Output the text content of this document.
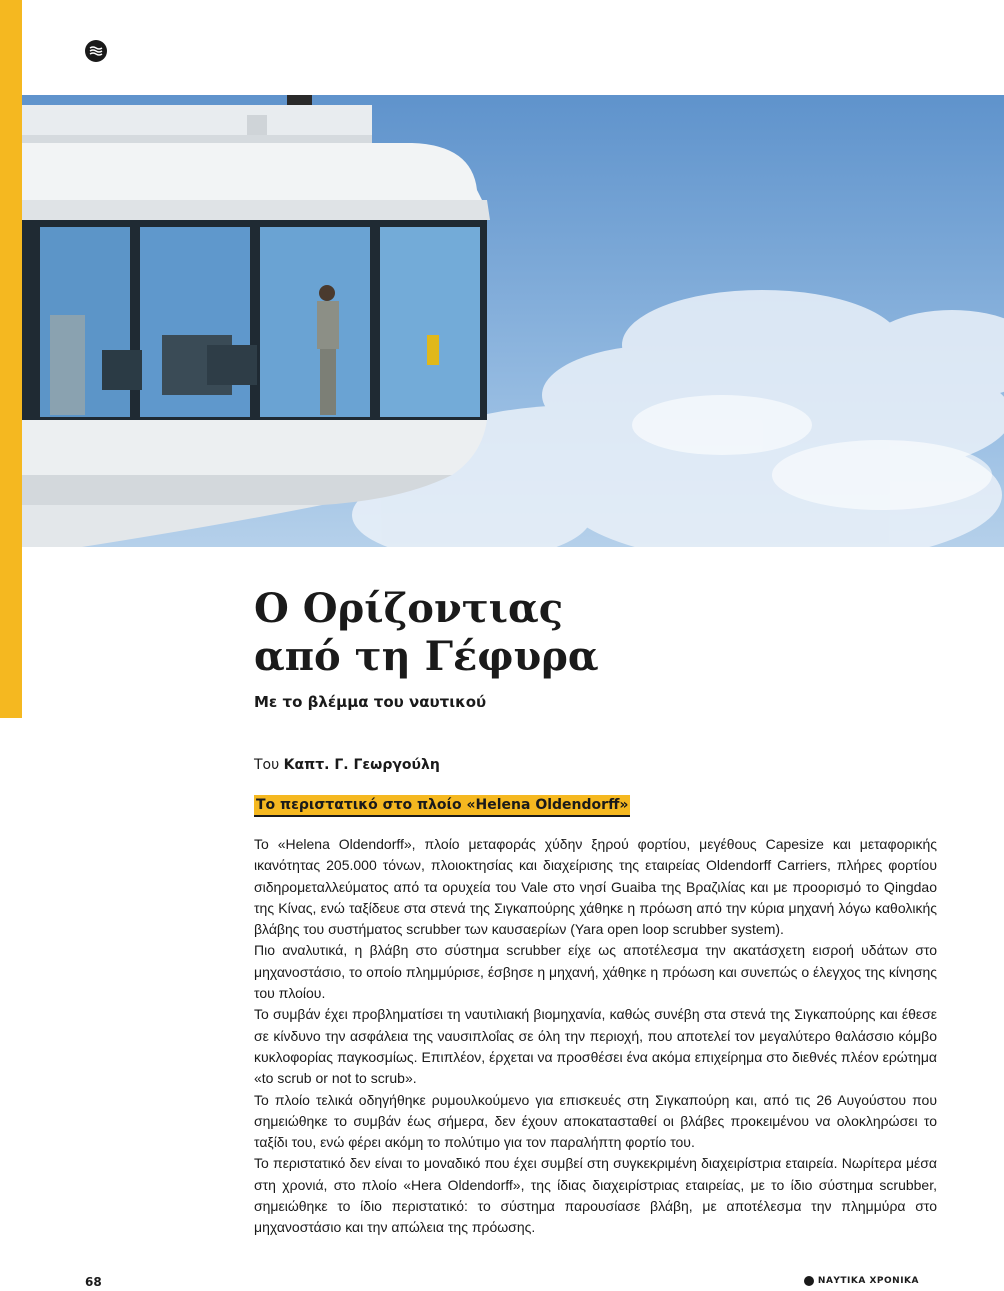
Ο Ορίζοντιας
από τη Γέφυρα
Με το βλέμμα του ναυτικού
Του Καπτ. Γ. Γεωργούλη
Το περιστατικό στο πλοίο «Helena Oldendorff»

Το «Helena Oldendorff», πλοίο μεταφοράς χύδην ξηρού φορτίου, μεγέθους Capesize και μεταφορικής ικανότητας 205.000 τόνων, πλοιοκτησίας και διαχείρισης της εταιρείας Oldendorff Carriers, πλήρες φορτίου σιδηρομεταλλεύματος από τα ορυχεία του Vale στο νησί Guaiba της Βραζιλίας και με προορισμό το Qingdao της Κίνας, ενώ ταξίδευε στα στενά της Σιγκαπούρης χάθηκε η πρόωση από την κύρια μηχανή λόγω καθολικής βλάβης του συστήματος scrubber των καυσαερίων (Yara open loop scrubber system).

Πιο αναλυτικά, η βλάβη στο σύστημα scrubber είχε ως αποτέλεσμα την ακατάσχετη εισροή υδάτων στο μηχανοστάσιο, το οποίο πλημμύρισε, έσβησε η μηχανή, χάθηκε η πρόωση και συνεπώς ο έλεγχος της κίνησης του πλοίου.

Το συμβάν έχει προβληματίσει τη ναυτιλιακή βιομηχανία, καθώς συνέβη στα στενά της Σιγκαπούρης και έθεσε σε κίνδυνο την ασφάλεια της ναυσιπλοΐας σε όλη την περιοχή, που αποτελεί τον μεγαλύτερο θαλάσσιο κόμβο κυκλοφορίας παγκοσμίως. Επιπλέον, έρχεται να προσθέσει ένα ακόμα επιχείρημα στο διεθνές πλέον ερώτημα «to scrub or not to scrub».

Το πλοίο τελικά οδηγήθηκε ρυμουλκούμενο για επισκευές στη Σιγκαπούρη και, από τις 26 Αυγούστου που σημειώθηκε το συμβάν έως σήμερα, δεν έχουν αποκατασταθεί οι βλάβες προκειμένου να ολοκληρώσει το ταξίδι του, ενώ φέρει ακόμη το πολύτιμο για τον παραλήπτη φορτίο του.

Το περιστατικό δεν είναι το μοναδικό που έχει συμβεί στη συγκεκριμένη διαχειρίστρια εταιρεία. Νωρίτερα μέσα στη χρονιά, στο πλοίο «Hera Oldendorff», της ίδιας διαχειρίστριας εταιρείας, με το ίδιο σύστημα scrubber, σημειώθηκε το ίδιο περιστατικό: το σύστημα παρουσίασε βλάβη, με αποτέλεσμα την πλημμύρα στο μηχανοστάσιο και την απώλεια της πρόωσης.

68	ΝΑΥΤΙΚΑ ΧΡΟΝΙΚΑ
